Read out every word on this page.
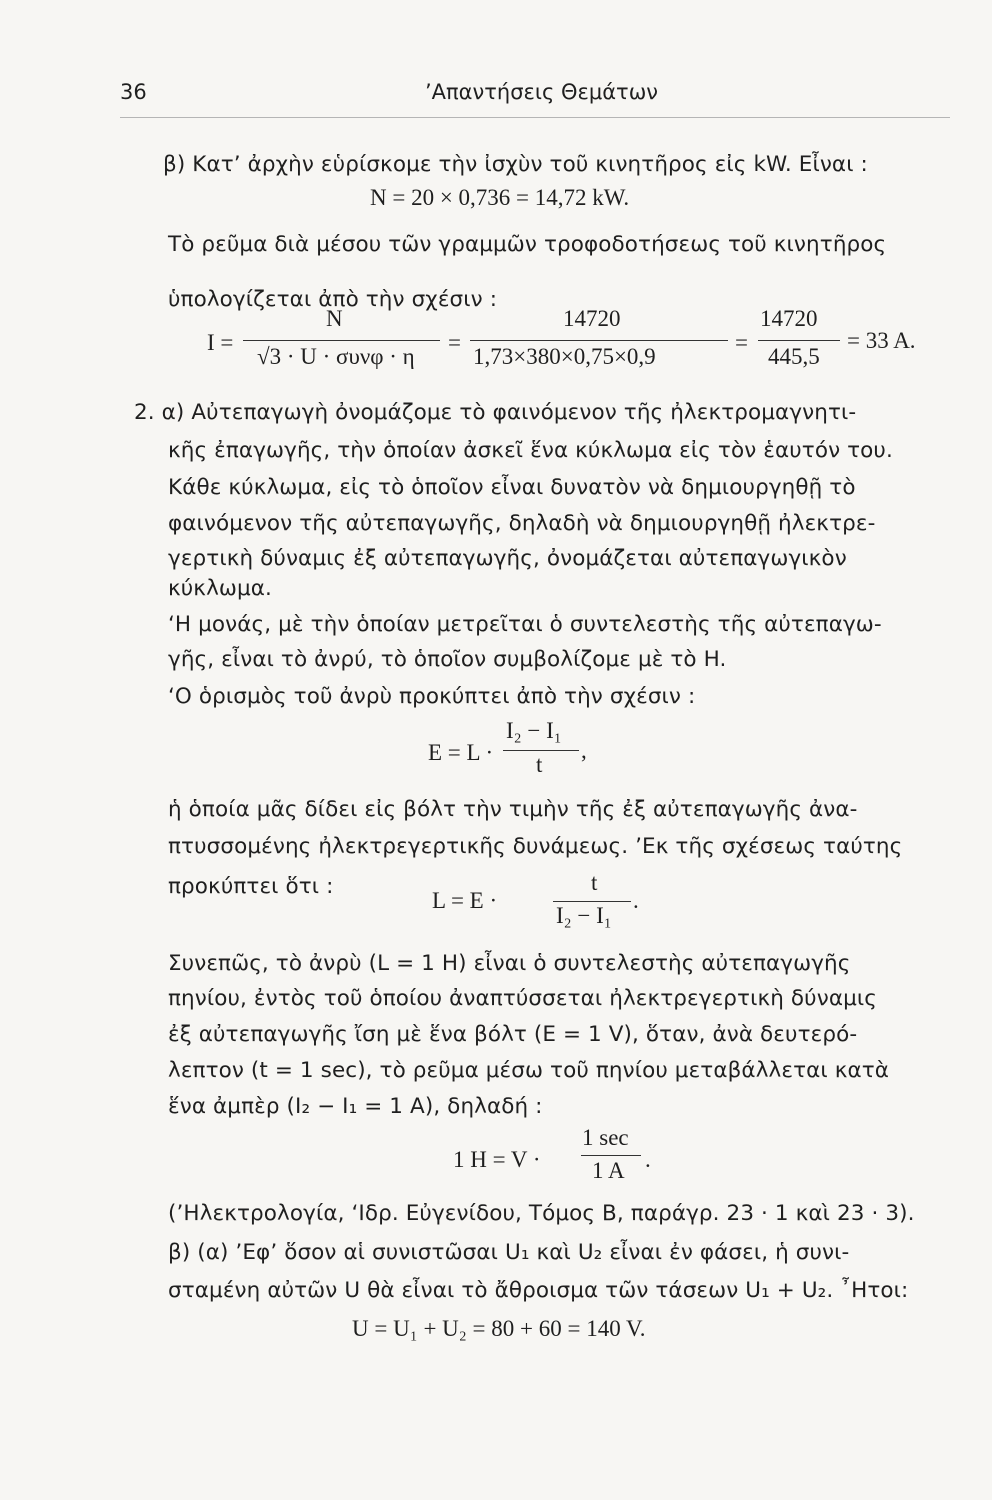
36	’Απαντήσεις Θεμάτων
β) Κατ’ ἀρχὴν εὑρίσκομε τὴν ἰσχὺν τοῦ κινητῆρος εἰς kW. Εἶναι :
N = 20 × 0,736 = 14,72 kW.
Τὸ ρεῦμα διὰ μέσου τῶν γραμμῶν τροφοδοτήσεως τοῦ κινητῆρος
ὑπολογίζεται ἀπὸ τὴν σχέσιν :
I =
N
√3 · U · συνφ · η
=
14720
1,73×380×0,75×0,9
=
14720
445,5
= 33 A.
2. α) Αὐτεπαγωγὴ ὀνομάζομε τὸ φαινόμενον τῆς ἠλεκτρομαγνητι-
κῆς ἐπαγωγῆς, τὴν ὁποίαν ἀσκεῖ ἕνα κύκλωμα εἰς τὸν ἑαυτόν του.
Κάθε κύκλωμα, εἰς τὸ ὁποῖον εἶναι δυνατὸν νὰ δημιουργηθῇ τὸ
φαινόμενον τῆς αὐτεπαγωγῆς, δηλαδὴ νὰ δημιουργηθῇ ἠλεκτρε-
γερτικὴ δύναμις ἐξ αὐτεπαγωγῆς, ὀνομάζεται αὐτεπαγωγικὸν
κύκλωμα.
‘Η μονάς, μὲ τὴν ὁποίαν μετρεῖται ὁ συντελεστὴς τῆς αὐτεπαγω-
γῆς, εἶναι τὸ ἀνρύ, τὸ ὁποῖον συμβολίζομε μὲ τὸ H.
‘Ο ὁρισμὸς τοῦ ἀνρὺ προκύπτει ἀπὸ τὴν σχέσιν :
E = L ·
I₂ − I₁
t
,
ἡ ὁποία μᾶς δίδει εἰς βόλτ τὴν τιμὴν τῆς ἐξ αὐτεπαγωγῆς ἀνα-
πτυσσομένης ἠλεκτρεγερτικῆς δυνάμεως. ’Εκ τῆς σχέσεως ταύτης
προκύπτει ὅτι :
L = E ·
t
I₂ − I₁
.
Συνεπῶς, τὸ ἀνρὺ (L = 1 H) εἶναι ὁ συντελεστὴς αὐτεπαγωγῆς
πηνίου, ἐντὸς τοῦ ὁποίου ἀναπτύσσεται ἠλεκτρεγερτικὴ δύναμις
ἐξ αὐτεπαγωγῆς ἴση μὲ ἕνα βόλτ (E = 1 V), ὅταν, ἀνὰ δευτερό-
λεπτον (t = 1 sec), τὸ ρεῦμα μέσω τοῦ πηνίου μεταβάλλεται κατὰ
ἕνα ἀμπὲρ (I₂ − I₁ = 1 A), δηλαδή :
1 H = V ·
1 sec
1 A .
(’Ηλεκτρολογία, ‘Ιδρ. Εὐγενίδου, Τόμος Β, παράγρ. 23 · 1 καὶ 23 · 3).
β) (α) ’Εφ’ ὅσον αἱ συνιστῶσαι U₁ καὶ U₂ εἶναι ἐν φάσει, ἡ συνι-
σταμένη αὐτῶν U θὰ εἶναι τὸ ἄθροισμα τῶν τάσεων U₁ + U₂. ῏Ητοι:
U = U₁ + U₂ = 80 + 60 = 140 V.
